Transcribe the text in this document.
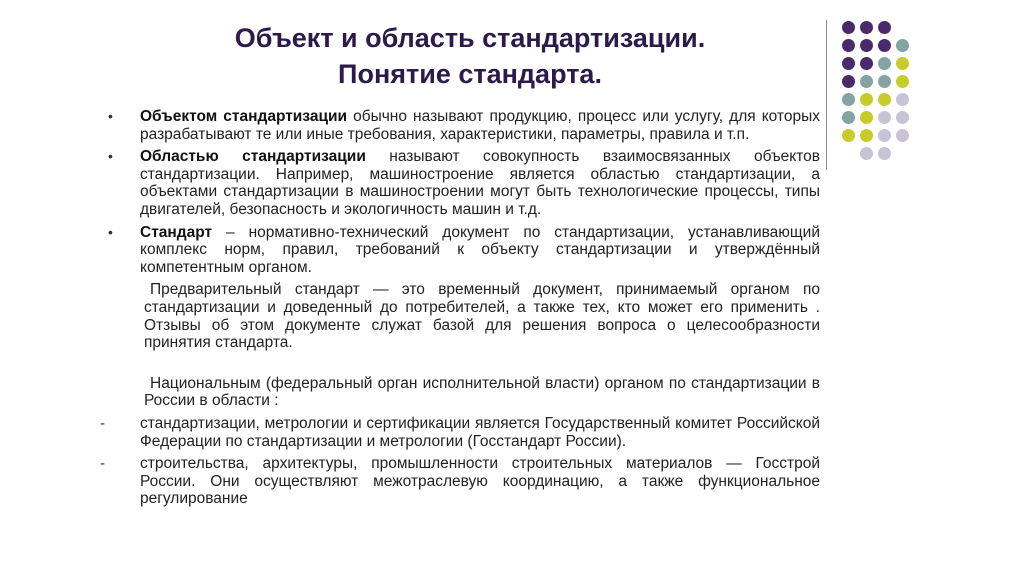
Объект и область стандартизации.
Понятие стандарта.

• Объектом стандартизации обычно называют продукцию, процесс или услугу, для которых разрабатывают те или иные требования, характеристики, параметры, правила и т.п.

• Областью стандартизации называют совокупность взаимосвязанных объектов стандартизации. Например, машиностроение является областью стандартизации, а объектами стандартизации в машиностроении могут быть технологические процессы, типы двигателей, безопасность и экологичность машин и т.д.

• Стандарт – нормативно-технический документ по стандартизации, устанавливающий комплекс норм, правил, требований к объекту стандартизации и утверждённый компетентным органом.

Предварительный стандарт — это временный документ, принимаемый органом по стандартизации и доведенный до потребителей, а также тех, кто может его применить . Отзывы об этом документе служат базой для решения вопроса о целесообразности принятия стандарта.

Национальным (федеральный орган исполнительной власти) органом по стандартизации в России в области :

- стандартизации, метрологии и сертификации является Государственный комитет Российской Федерации по стандартизации и метрологии (Госстандарт России).

- строительства, архитектуры, промышленности строительных материалов — Госстрой России. Они осуществляют межотраслевую координацию, а также функциональное регулирование
